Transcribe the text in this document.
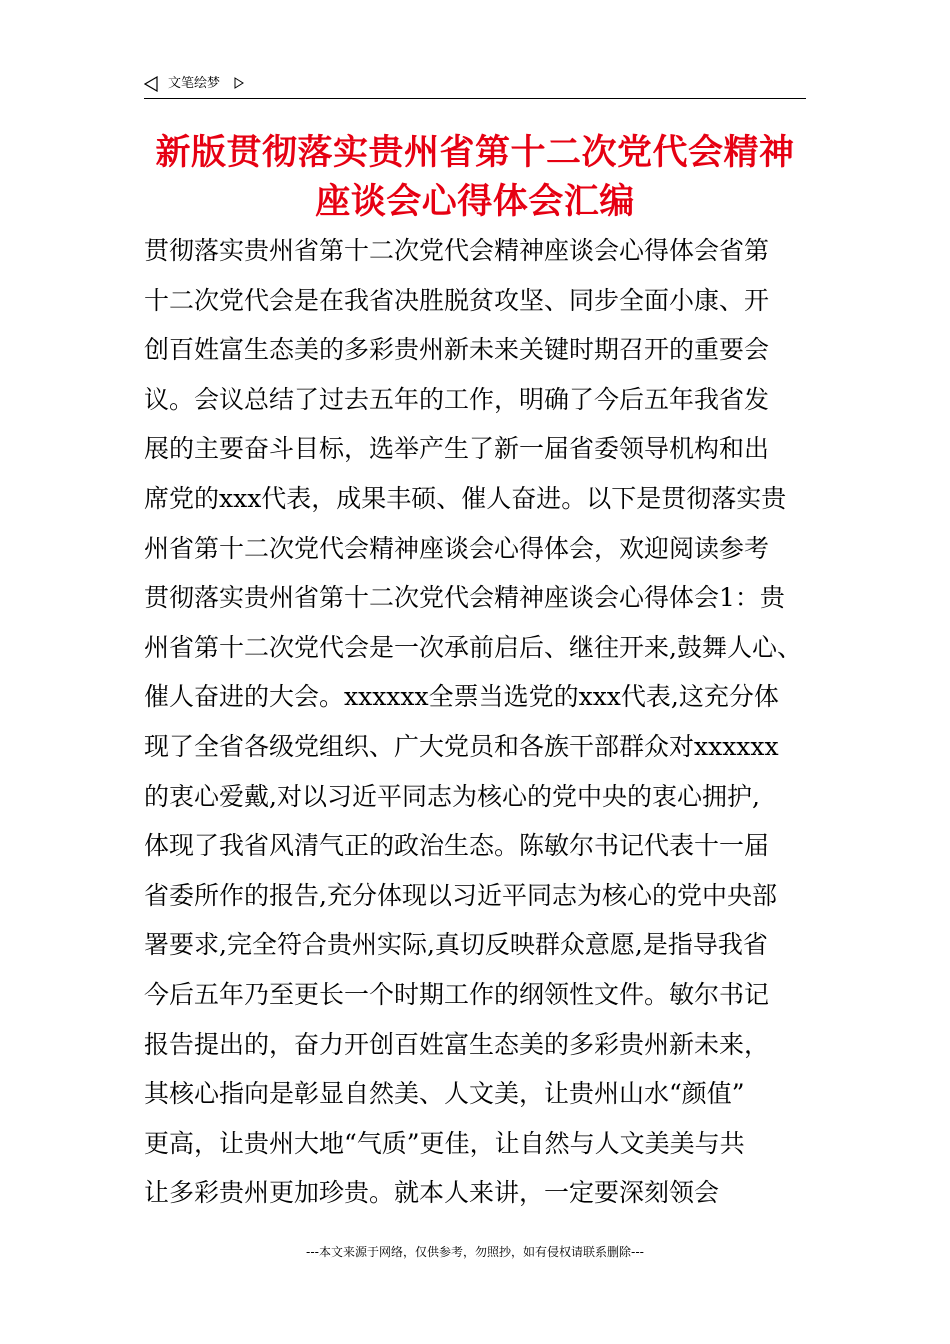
文笔绘梦
新版贯彻落实贵州省第十二次党代会精神
座谈会心得体会汇编
贯彻落实贵州省第十二次党代会精神座谈会心得体会省第
十二次党代会是在我省决胜脱贫攻坚、同步全面小康、开
创百姓富生态美的多彩贵州新未来关键时期召开的重要会
议。会议总结了过去五年的工作，明确了今后五年我省发
展的主要奋斗目标，选举产生了新一届省委领导机构和出
席党的xxx代表，成果丰硕、催人奋进。以下是贯彻落实贵
州省第十二次党代会精神座谈会心得体会，欢迎阅读参考
贯彻落实贵州省第十二次党代会精神座谈会心得体会1：贵
州省第十二次党代会是一次承前启后、继往开来,鼓舞人心、
催人奋进的大会。xxxxxx全票当选党的xxx代表,这充分体
现了全省各级党组织、广大党员和各族干部群众对xxxxxx
的衷心爱戴,对以习近平同志为核心的党中央的衷心拥护,
体现了我省风清气正的政治生态。陈敏尔书记代表十一届
省委所作的报告,充分体现以习近平同志为核心的党中央部
署要求,完全符合贵州实际,真切反映群众意愿,是指导我省
今后五年乃至更长一个时期工作的纲领性文件。敏尔书记
报告提出的，奋力开创百姓富生态美的多彩贵州新未来，
其核心指向是彰显自然美、人文美，让贵州山水“颜值”
更高，让贵州大地“气质”更佳，让自然与人文美美与共
让多彩贵州更加珍贵。就本人来讲，一定要深刻领会
---本文来源于网络，仅供参考，勿照抄，如有侵权请联系删除---
